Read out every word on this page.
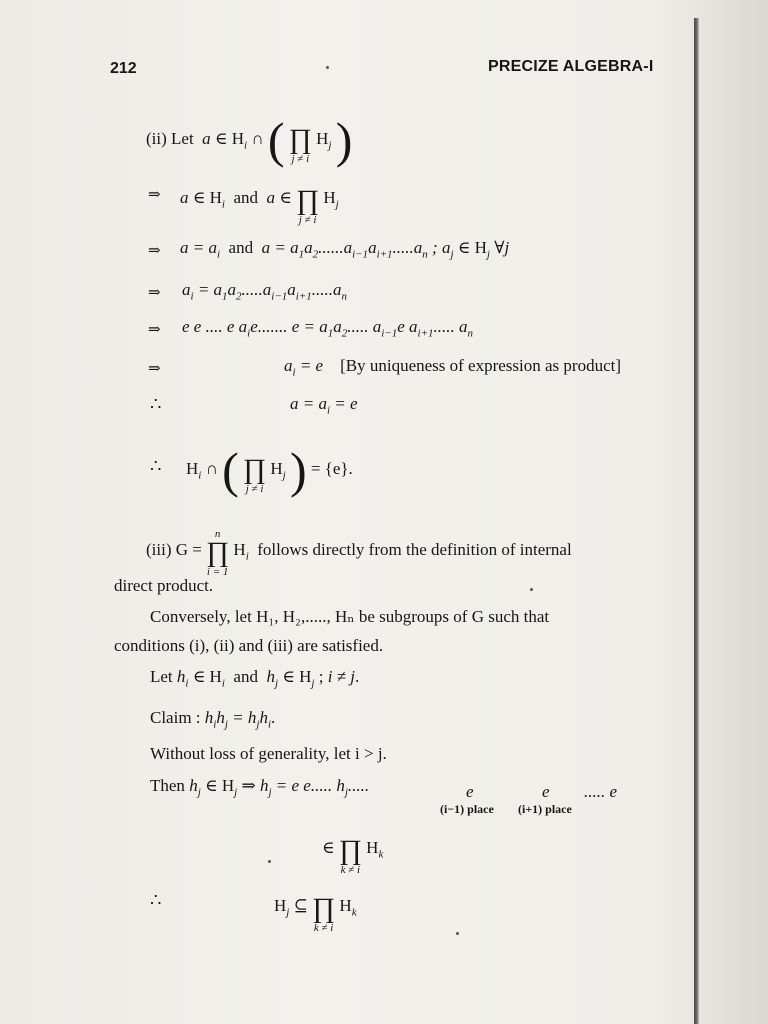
212	PRECIZE ALGEBRA-I
(ii) Let  a ∈ $H_i$ ∩ ( ∏
j ≠ i
$H_j$ )
⇒ a ∈ $H_i$ and a ∈ ∏
j ≠ i
$H_j$
⇒ $a = a_i$ and  $a = a_1a_2......a_{i-1}a_{i+1}.....a_n$ ; $a_j$ ∈ $H_j$ ∀j
⇒ $a_i = a_1a_2.....a_{i-1}a_{i+1}.....a_n$
⇒ e e .... e $a_ie$....... $e = a_1a_2$..... $a_{i-1}e$ $a_{i+1}$..... $a_n$
⇒	$a_i = e$ [By uniqueness of expression as product]
∴	$a = a_i = e$
∴ $H_i$ ∩ ( ∏
j ≠ i
$H_j$ ) = {e}.
(iii) G =
n
∏
i = 1
$H_i$ follows directly from the definition of internal
direct product.
Conversely, let H₁, H₂,....., Hₙ be subgroups of G such that
conditions (i), (ii) and (iii) are satisfied.
Let $h_i$ ∈ $H_i$  and  $h_j$ ∈ $H_j$ ; i ≠ j.
Claim : $h_ih_j = h_jh_i$.
Without loss of generality, let i > j.
Then $h_j$ ∈ $H_j$ ⇒ $h_j = e$ e..... $h_j$.....	e	e ..... e
(i−1) place (i+1) place
∈ ∏
k ≠ i
$H_k$
∴	$H_j$ ⊆ ∏
k ≠ i
$H_k$
